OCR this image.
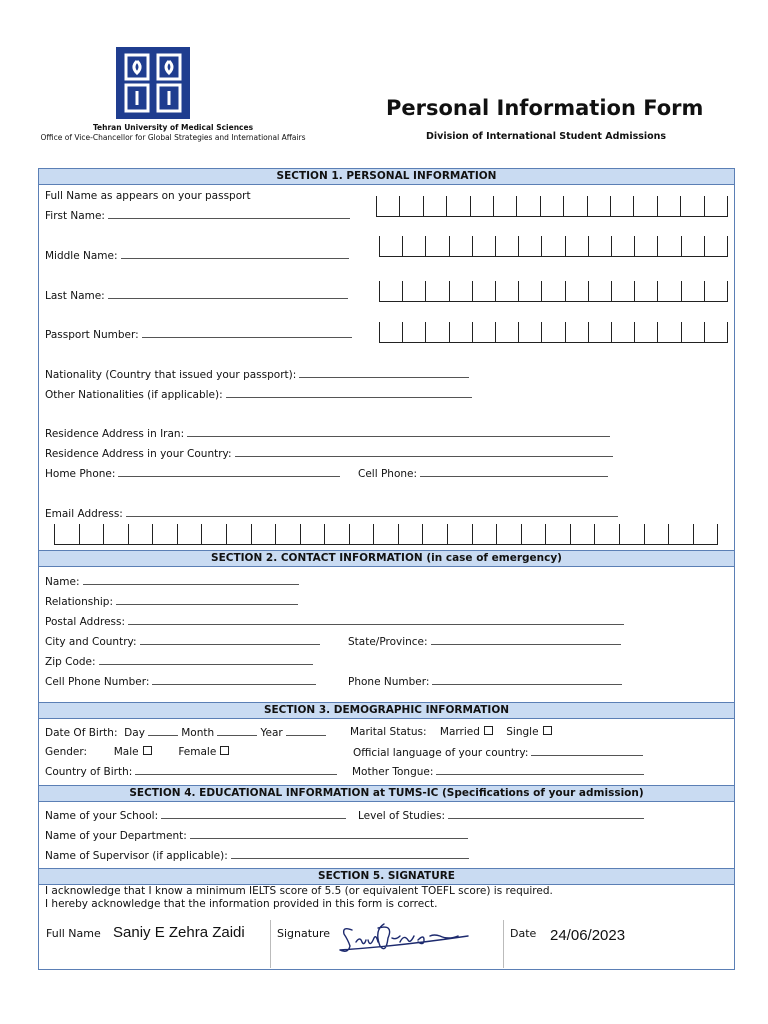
Tehran University of Medical Sciences
Office of Vice-Chancellor for Global Strategies and International Affairs
Personal Information Form
Division of International Student Admissions
SECTION 1. PERSONAL INFORMATION
Full Name as appears on your passport
First Name:
Middle Name:
Last Name:
Passport Number:
Nationality (Country that issued your passport):
Other Nationalities (if applicable):
Residence Address in Iran:
Residence Address in your Country:
Home Phone:	Cell Phone:
Email Address:
SECTION 2. CONTACT INFORMATION (in case of emergency)
Name:
Relationship:
Postal Address:
City and Country:	State/Province:
Zip Code:
Cell Phone Number:	Phone Number:
SECTION 3. DEMOGRAPHIC INFORMATION
Date Of Birth: Day	Month	Year	Marital Status: Married	Single
Gender:	Male	Female	Official language of your country:
Country of Birth:	Mother Tongue:
SECTION 4. EDUCATIONAL INFORMATION at TUMS-IC (Specifications of your admission)
Name of your School:	Level of Studies:
Name of your Department:
Name of Supervisor (if applicable):
SECTION 5. SIGNATURE
I acknowledge that I know a minimum IELTS score of 5.5 (or equivalent TOEFL score) is required.
I hereby acknowledge that the information provided in this form is correct.
Full Name Saniy E Zehra Zaidi	Signature	Date 24/06/2023
